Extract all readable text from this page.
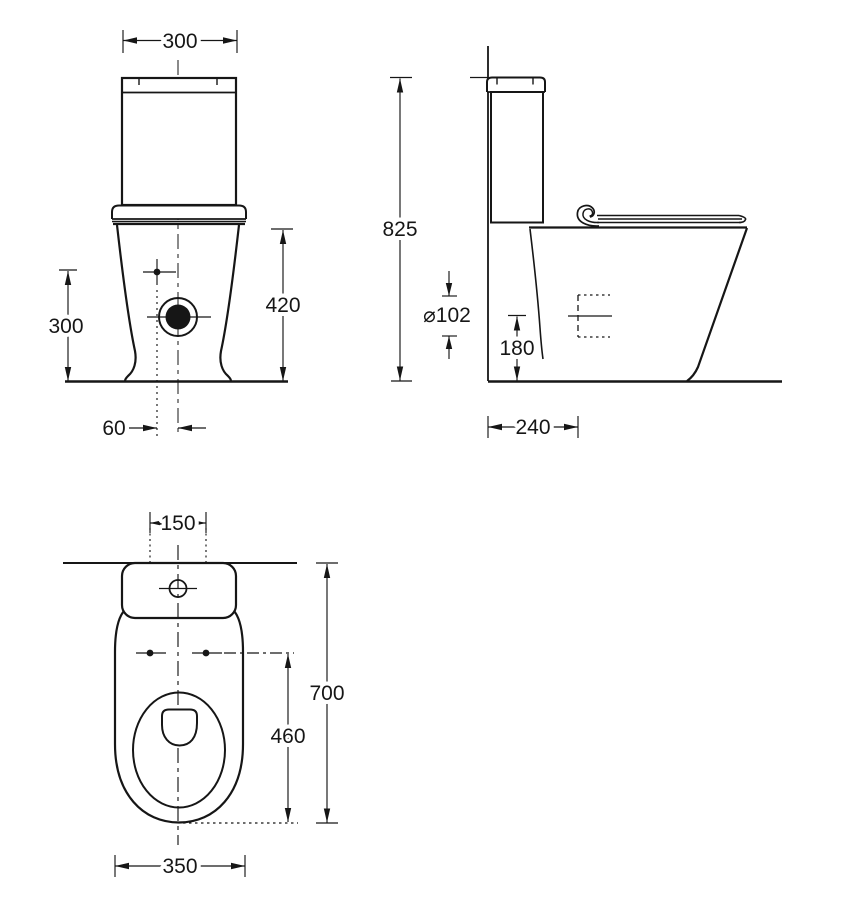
300
300
420
60
825
⌀102
180
240
150
460
700
350
